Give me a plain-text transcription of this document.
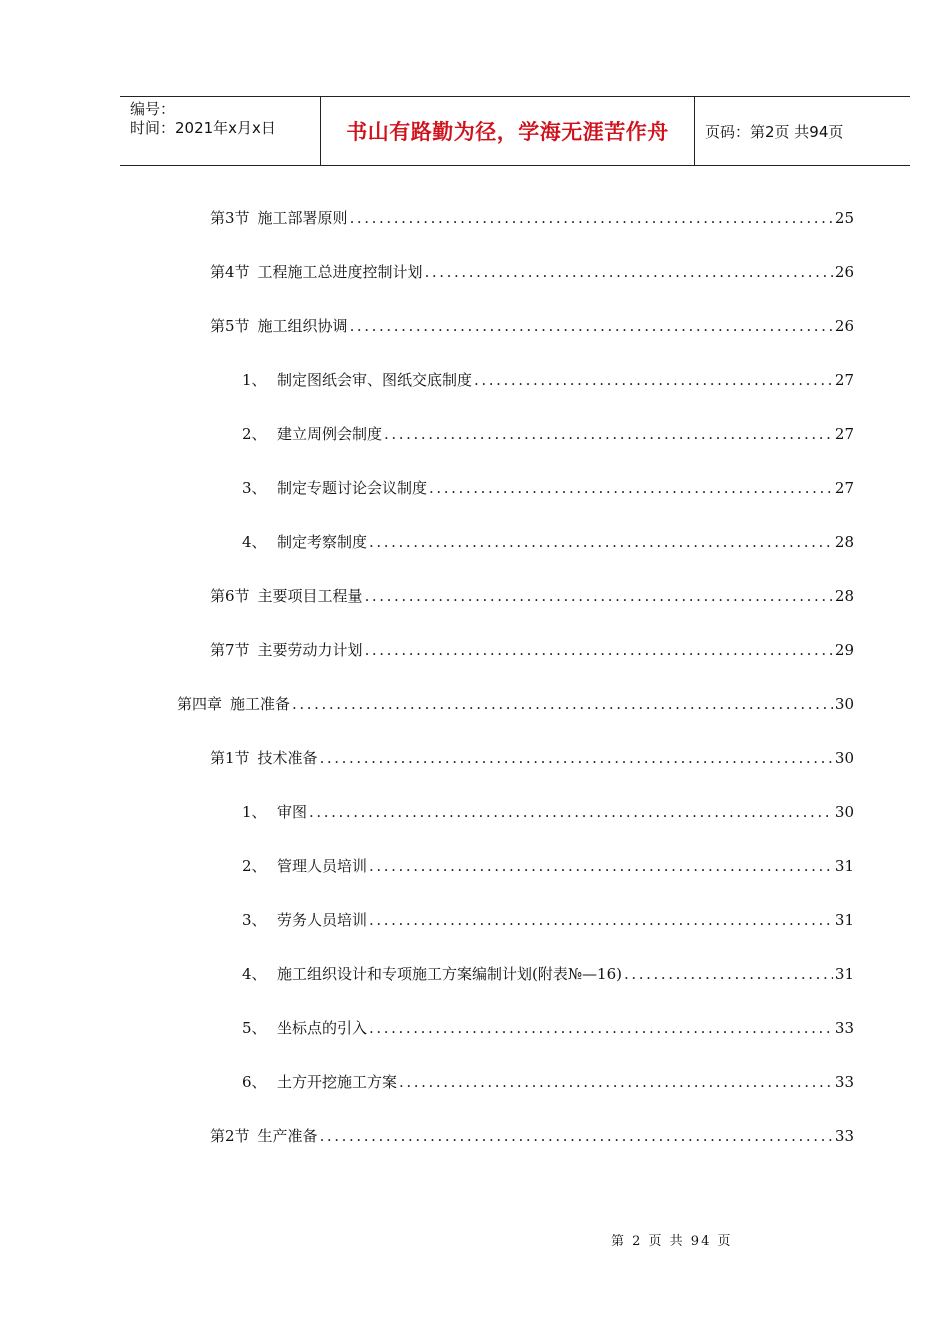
编号：
时间：2021年x月x日	书山有路勤为径，学海无涯苦作舟	页码：第2页 共94页
第3节 施工部署原则 .....	25
第4节 工程施工总进度控制计划 .....	26
第5节 施工组织协调 .....	26
1、 制定图纸会审、图纸交底制度 .....	27
2、 建立周例会制度 .....	27
3、 制定专题讨论会议制度 .....	27
4、 制定考察制度 .....	28
第6节 主要项目工程量 .....	28
第7节 主要劳动力计划 .....	29
第四章 施工准备 .....	30
第1节 技术准备 .....	30
1、 审图 .....	30
2、 管理人员培训 .....	31
3、 劳务人员培训 .....	31
4、 施工组织设计和专项施工方案编制计划(附表№—16) .....	31
5、 坐标点的引入 .....	33
6、 土方开挖施工方案 .....	33
第2节 生产准备 .....	33
第 2 页 共 94 页
